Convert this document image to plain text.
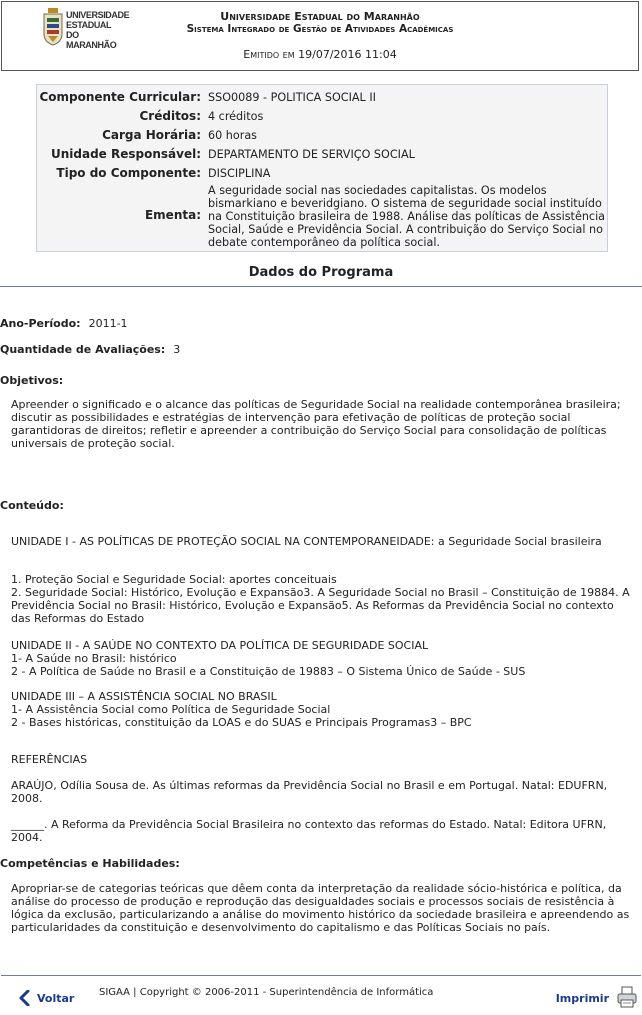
UNIVERSIDADE
ESTADUAL DO
MARANHÃO
Universidade Estadual do Maranhão
Sistema Integrado de Gestão de Atividades Acadêmicas
Emitido em 19/07/2016 11:04
Componente Curricular: SSO0089 - POLITICA SOCIAL II
Créditos: 4 créditos
Carga Horária: 60 horas
Unidade Responsável: DEPARTAMENTO DE SERVIÇO SOCIAL
Tipo do Componente: DISCIPLINA
Ementa:
A seguridade social nas sociedades capitalistas. Os modelos bismarkiano e beveridgiano. O sistema de seguridade social instituído na Constituição brasileira de 1988. Análise das políticas de Assistência Social, Saúde e Previdência Social. A contribuição do Serviço Social no debate contemporâneo da política social.
Dados do Programa
Ano-Período: 2011-1
Quantidade de Avaliações: 3
Objetivos:
Apreender o significado e o alcance das políticas de Seguridade Social na realidade contemporânea brasileira; discutir as possibilidades e estratégias de intervenção para efetivação de políticas de proteção social garantidoras de direitos; refletir e apreender a contribuição do Serviço Social para consolidação de políticas universais de proteção social.
Conteúdo:
UNIDADE I - AS POLÍTICAS DE PROTEÇÃO SOCIAL NA CONTEMPORANEIDADE: a Seguridade Social brasileira
1. Proteção Social e Seguridade Social: aportes conceituais
2. Seguridade Social: Histórico, Evolução e Expansão3. A Seguridade Social no Brasil – Constituição de 19884. A Previdência Social no Brasil: Histórico, Evolução e Expansão5. As Reformas da Previdência Social no contexto das Reformas do Estado
UNIDADE II - A SAÚDE NO CONTEXTO DA POLÍTICA DE SEGURIDADE SOCIAL
1- A Saúde no Brasil: histórico
2 - A Política de Saúde no Brasil e a Constituição de 19883 – O Sistema Único de Saúde - SUS
UNIDADE III – A ASSISTÊNCIA SOCIAL NO BRASIL
1- A Assistência Social como Política de Seguridade Social
2 - Bases históricas, constituição da LOAS e do SUAS e Principais Programas3 – BPC
REFERÊNCIAS
ARAÚJO, Odília Sousa de. As últimas reformas da Previdência Social no Brasil e em Portugal. Natal: EDUFRN, 2008.
______. A Reforma da Previdência Social Brasileira no contexto das reformas do Estado. Natal: Editora UFRN, 2004.
Competências e Habilidades:
Apropriar-se de categorias teóricas que dêem conta da interpretação da realidade sócio-histórica e política, da análise do processo de produção e reprodução das desigualdades sociais e processos sociais de resistência à lógica da exclusão, particularizando a análise do movimento histórico da sociedade brasileira e apreendendo as particularidades da constituição e desenvolvimento do capitalismo e das Políticas Sociais no país.
Voltar SIGAA | Copyright © 2006-2011 - Superintendência de Informática	Imprimir
